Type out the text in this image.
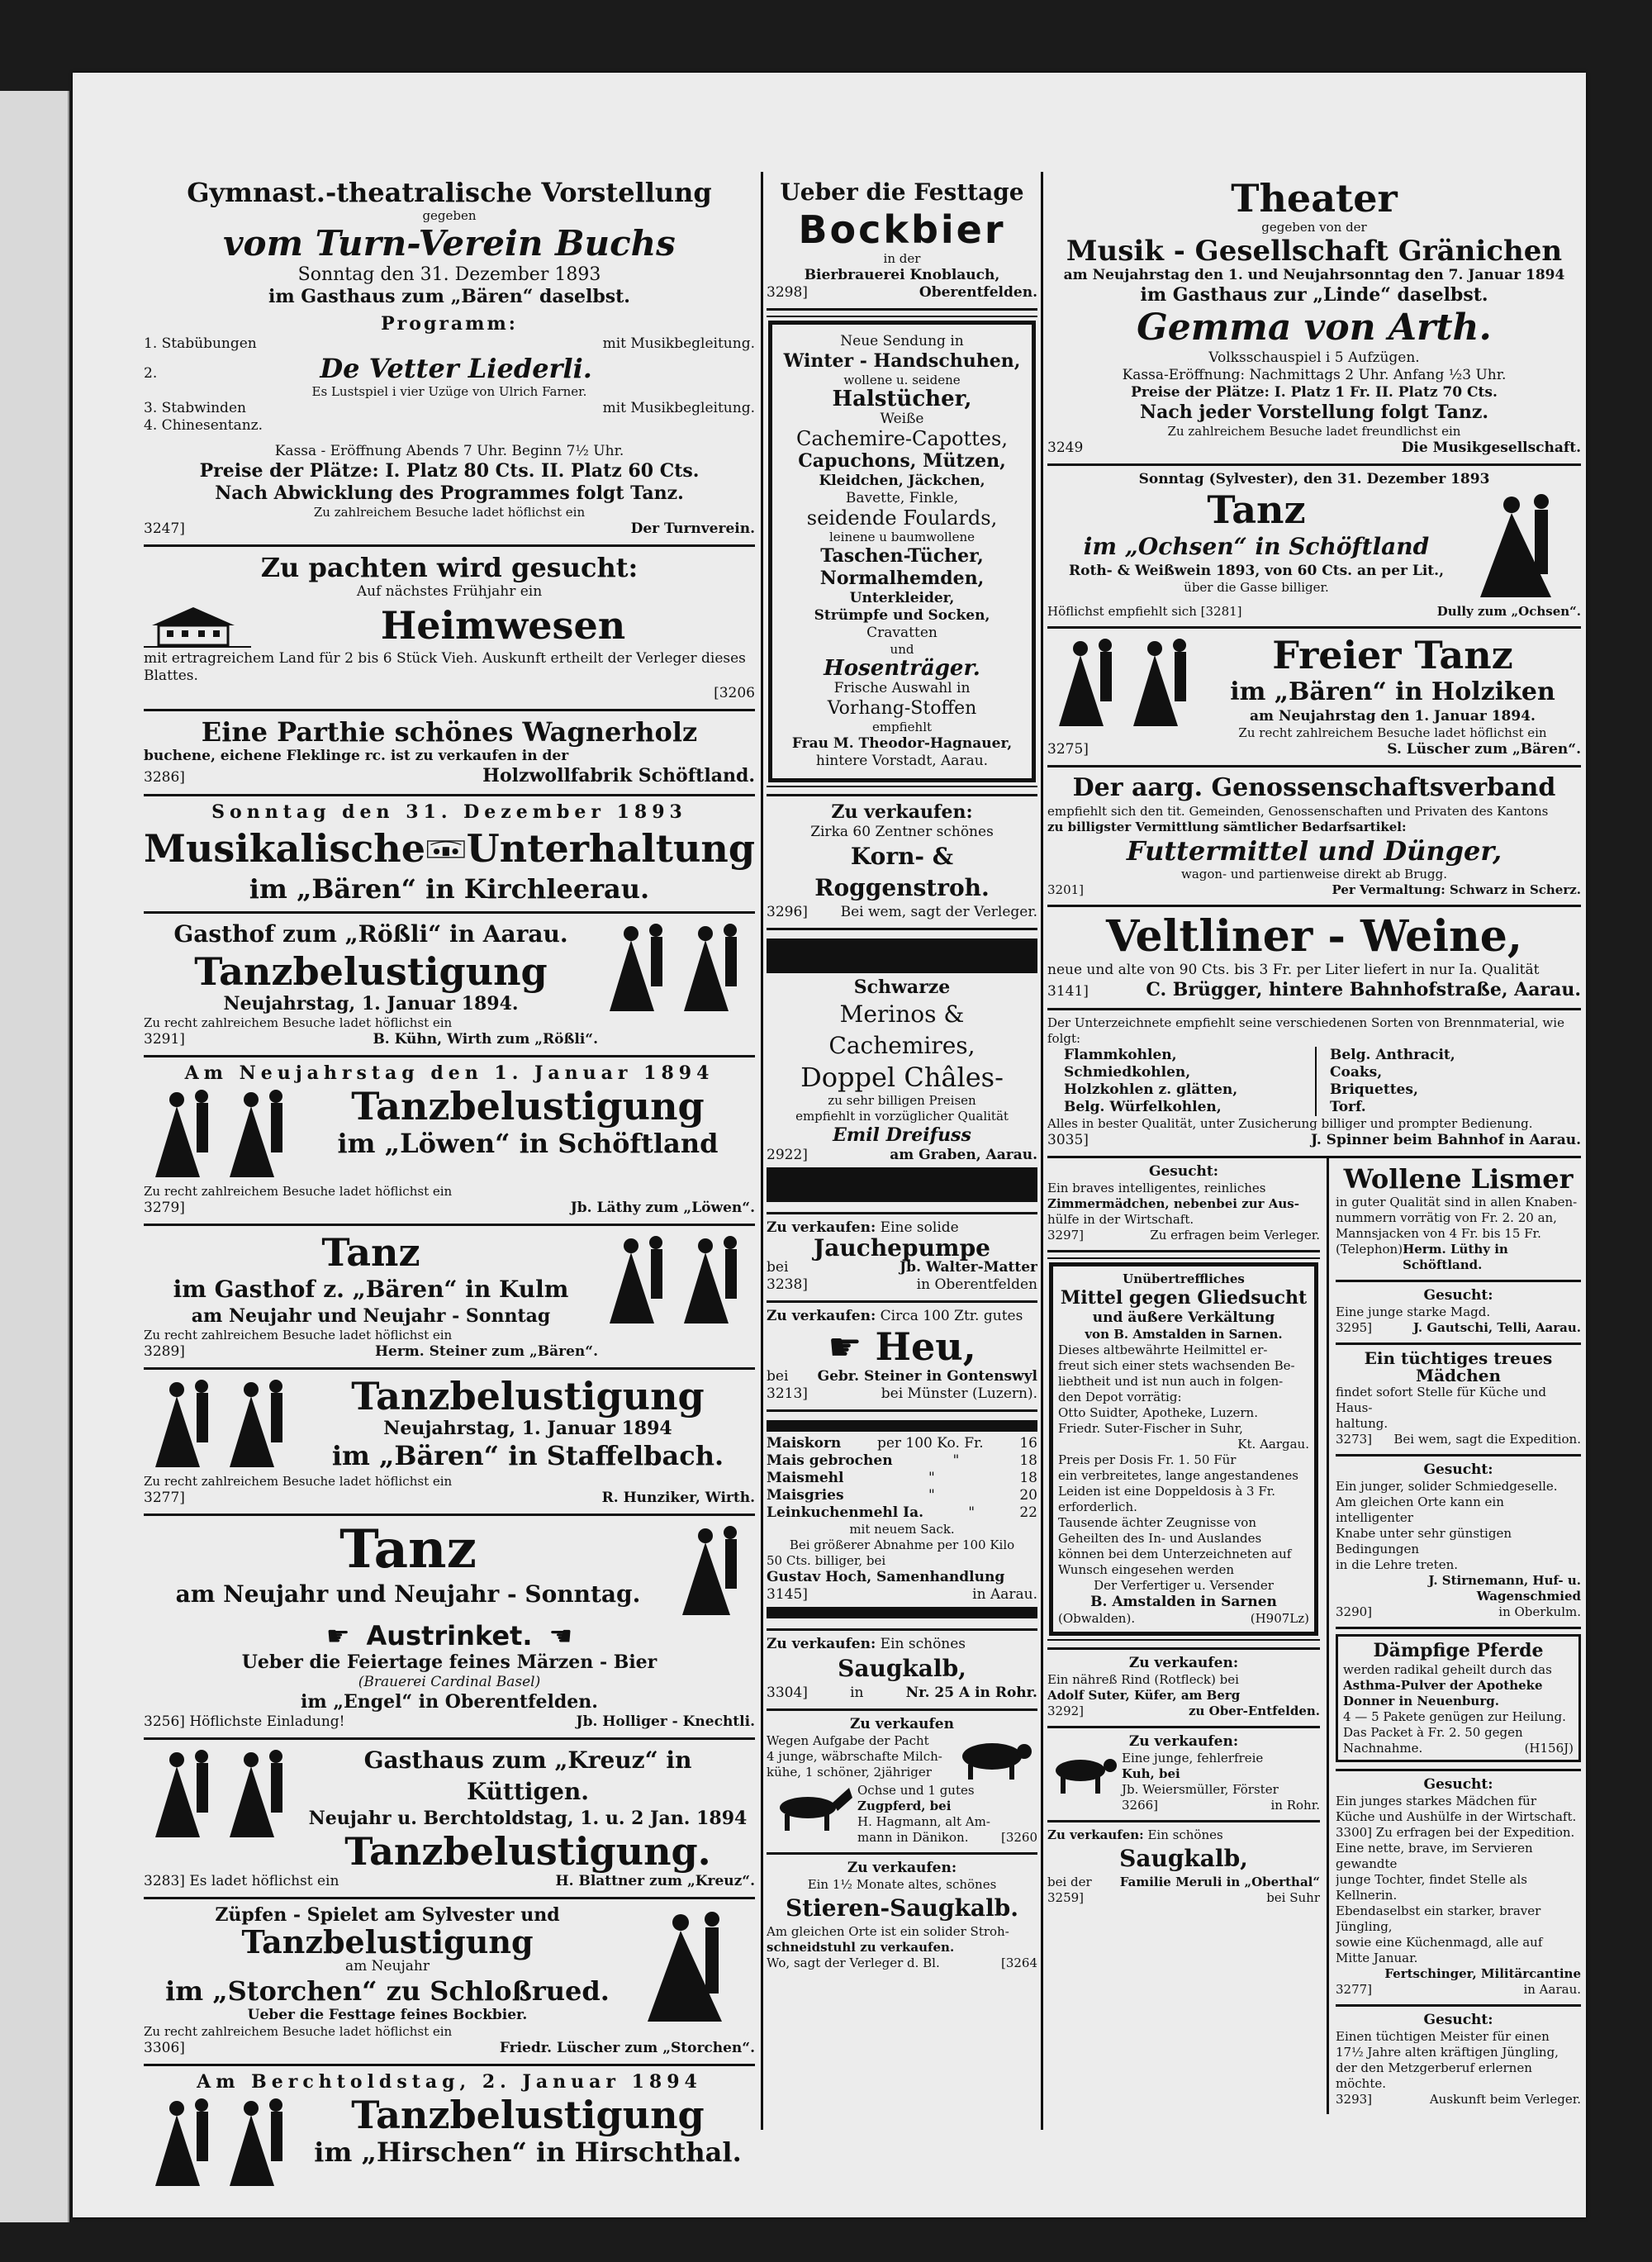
Gymnast.-theatralische Vorstellung
gegeben
vom Turn-Verein Buchs
Sonntag den 31. Dezember 1893
im Gasthaus zum „Bären“ daselbst.
Programm:
1. Stabübungen	mit Musikbegleitung.
2.	De Vetter Liederli.
Es Lustspiel i vier Uzüge von Ulrich Farner.
3. Stabwinden	mit Musikbegleitung.
4. Chinesentanz.
Kassa - Eröffnung Abends 7 Uhr. Beginn 7½ Uhr.
Preise der Plätze: I. Platz 80 Cts. II. Platz 60 Cts.
Nach Abwicklung des Programmes folgt Tanz.
Zu zahlreichem Besuche ladet höflichst ein
3247]	Der Turnverein.
Zu pachten wird gesucht:
Auf nächstes Frühjahr ein
Heimwesen
mit ertragreichem Land für 2 bis 6 Stück Vieh. Auskunft ertheilt der Verleger dieses Blattes.
[3206
Eine Parthie schönes Wagnerholz
buchene, eichene Fleklinge rc. ist zu verkaufen in der
3286]	Holzwollfabrik Schöftland.
Sonntag den 31. Dezember 1893
Musikalische Unterhaltung
im „Bären“ in Kirchleerau.
Gasthof zum „Rößli“ in Aarau.
Tanzbelustigung
Neujahrstag, 1. Januar 1894.
Zu recht zahlreichem Besuche ladet höflichst ein
3291]	B. Kühn, Wirth zum „Rößli“.
Am Neujahrstag den 1. Januar 1894
Tanzbelustigung
im „Löwen“ in Schöftland
Zu recht zahlreichem Besuche ladet höflichst ein
3279]	Jb. Läthy zum „Löwen“.
Tanz
im Gasthof z. „Bären“ in Kulm
am Neujahr und Neujahr - Sonntag
Zu recht zahlreichem Besuche ladet höflichst ein
3289]	Herm. Steiner zum „Bären“.
Tanzbelustigung
Neujahrstag, 1. Januar 1894
im „Bären“ in Staffelbach.
Zu recht zahlreichem Besuche ladet höflichst ein
3277]	R. Hunziker, Wirth.
Tanz
am Neujahr und Neujahr - Sonntag.
☛ Austrinket. ☚
Ueber die Feiertage feines Märzen - Bier
(Brauerei Cardinal Basel)
im „Engel“ in Oberentfelden.
3256] Höflichste Einladung!	Jb. Holliger - Knechtli.
Gasthaus zum „Kreuz“ in Küttigen.
Neujahr u. Berchtoldstag, 1. u. 2 Jan. 1894
Tanzbelustigung.
3283] Es ladet höflichst ein	H. Blattner zum „Kreuz“.
Züpfen - Spielet am Sylvester und
Tanzbelustigung
am Neujahr
im „Storchen“ zu Schloßrued.
Ueber die Festtage feines Bockbier.
Zu recht zahlreichem Besuche ladet höflichst ein
3306]	Friedr. Lüscher zum „Storchen“.
Am Berchtoldstag, 2. Januar 1894
Tanzbelustigung
im „Hirschen“ in Hirschthal.
Ueber die Festtage
Bockbier
in der
Bierbrauerei Knoblauch,
3298]	Oberentfelden.
Neue Sendung in
Winter - Handschuhen,
wollene u. seidene
Halstücher,
Weiße
Cachemire-Capottes,
Capuchons, Mützen,
Kleidchen, Jäckchen,
Bavette, Finkle,
seidende Foulards,
leinene u baumwollene
Taschen-Tücher,
Normalhemden,
Unterkleider,
Strümpfe und Socken,
Cravatten
und
Hosenträger.
Frische Auswahl in
Vorhang-Stoffen
empfiehlt
Frau M. Theodor-Hagnauer,
hintere Vorstadt, Aarau.
Zu verkaufen:
Zirka 60 Zentner schönes
Korn- & Roggenstroh.
3296] Bei wem, sagt der Verleger.
Schwarze
Merinos & Cachemires,
Doppel Châles-
zu sehr billigen Preisen
empfiehlt in vorzüglicher Qualität
Emil Dreifuss
2922]	am Graben, Aarau.
Zu verkaufen: Eine solide
Jauchepumpe
bei	Jb. Walter-Matter
3238]	in Oberentfelden
Zu verkaufen: Circa 100 Ztr. gutes
☛ Heu,
bei Gebr. Steiner in Gontenswyl
3213]	bei Münster (Luzern).
Maiskorn	per 100 Ko. Fr.	16
Mais gebrochen	"	18
Maismehl	"	18
Maisgries	"	20
Leinkuchenmehl Ia.	"	22
mit neuem Sack.
Bei größerer Abnahme per 100 Kilo
50 Cts. billiger, bei
Gustav Hoch, Samenhandlung
3145]	in Aarau.
Zu verkaufen: Ein schönes
Saugkalb,
3304]	in	Nr. 25 A in Rohr.
Zu verkaufen
Wegen Aufgabe der Pacht
4 junge, wäbrschafte Milch-
kühe, 1 schöner, 2jähriger
Ochse und 1 gutes
Zugpferd, bei
H. Hagmann, alt Am-
mann in Dänikon.	[3260
Zu verkaufen:
Ein 1½ Monate altes, schönes
Stieren-Saugkalb.
Am gleichen Orte ist ein solider Stroh-
schneidstuhl zu verkaufen.
Wo, sagt der Verleger d. Bl.	[3264
Theater
gegeben von der
Musik - Gesellschaft Gränichen
am Neujahrstag den 1. und Neujahrsonntag den 7. Januar 1894
im Gasthaus zur „Linde“ daselbst.
Gemma von Arth.
Volksschauspiel i 5 Aufzügen.
Kassa-Eröffnung: Nachmittags 2 Uhr. Anfang ½3 Uhr.
Preise der Plätze: I. Platz 1 Fr. II. Platz 70 Cts.
Nach jeder Vorstellung folgt Tanz.
Zu zahlreichem Besuche ladet freundlichst ein
3249	Die Musikgesellschaft.
Sonntag (Sylvester), den 31. Dezember 1893
Tanz
im „Ochsen“ in Schöftland
Roth- & Weißwein 1893, von 60 Cts. an per Lit.,
über die Gasse billiger.
Höflichst empfiehlt sich [3281]	Dully zum „Ochsen“.
Freier Tanz
im „Bären“ in Holziken
am Neujahrstag den 1. Januar 1894.
Zu recht zahlreichem Besuche ladet höflichst ein
3275]	S. Lüscher zum „Bären“.
Der aarg. Genossenschaftsverband
empfiehlt sich den tit. Gemeinden, Genossenschaften und Privaten des Kantons
zu billigster Vermittlung sämtlicher Bedarfsartikel:
Futtermittel und Dünger,
wagon- und partienweise direkt ab Brugg.
3201]	Per Vermaltung: Schwarz in Scherz.
Veltliner - Weine,
neue und alte von 90 Cts. bis 3 Fr. per Liter liefert in nur Ia. Qualität
3141]	C. Brügger, hintere Bahnhofstraße, Aarau.
Der Unterzeichnete empfiehlt seine verschiedenen Sorten von Brennmaterial, wie folgt:
Flammkohlen,
Schmiedkohlen,
Holzkohlen z. glätten,
Belg. Würfelkohlen,
Belg. Anthracit,
Coaks,
Briquettes,
Torf.
Alles in bester Qualität, unter Zusicherung billiger und prompter Bedienung.
3035]	J. Spinner beim Bahnhof in Aarau.
Gesucht:
Ein braves intelligentes, reinliches
Zimmermädchen, nebenbei zur Aus-
hülfe in der Wirtschaft.
3297]	Zu erfragen beim Verleger.
Unübertreffliches
Mittel gegen Gliedsucht
und äußere Verkältung
von B. Amstalden in Sarnen.
Dieses altbewährte Heilmittel er-
freut sich einer stets wachsenden Be-
liebtheit und ist nun auch in folgen-
den Depot vorrätig:
Otto Suidter, Apotheke, Luzern.
Friedr. Suter-Fischer in Suhr,
Kt. Aargau.
Preis per Dosis Fr. 1. 50 Für
ein verbreitetes, lange angestandenes
Leiden ist eine Doppeldosis à 3 Fr.
erforderlich.
Tausende ächter Zeugnisse von
Geheilten des In- und Auslandes
können bei dem Unterzeichneten auf
Wunsch eingesehen werden
Der Verfertiger u. Versender
B. Amstalden in Sarnen
(Obwalden).	(H907Lz)
Zu verkaufen:
Ein nähreß Rind (Rotfleck) bei
Adolf Suter, Küfer, am Berg
3292]	zu Ober-Entfelden.
Zu verkaufen:
Eine junge, fehlerfreie
Kuh, bei
Jb. Weiersmüller, Förster
3266]	in Rohr.
Zu verkaufen: Ein schönes
Saugkalb,
bei der Familie Meruli in „Oberthal“
3259]	bei Suhr
Wollene Lismer
in guter Qualität sind in allen Knaben-
nummern vorrätig von Fr. 2. 20 an,
Mannsjacken von 4 Fr. bis 15 Fr.
(Telephon) Herm. Lüthy in Schöftland.
Gesucht:
Eine junge starke Magd.
3295]	J. Gautschi, Telli, Aarau.
Ein tüchtiges treues Mädchen
findet sofort Stelle für Küche und Haus-
haltung.
3273] Bei wem, sagt die Expedition.
Gesucht:
Ein junger, solider Schmiedgeselle.
Am gleichen Orte kann ein intelligenter
Knabe unter sehr günstigen Bedingungen
in die Lehre treten.
J. Stirnemann, Huf- u. Wagenschmied
3290]	in Oberkulm.
Dämpfige Pferde
werden radikal geheilt durch das
Asthma-Pulver der Apotheke
Donner in Neuenburg.
4 — 5 Pakete genügen zur Heilung.
Das Packet à Fr. 2. 50 gegen
Nachnahme.	(H156J)
Gesucht:
Ein junges starkes Mädchen für
Küche und Aushülfe in der Wirtschaft.
3300] Zu erfragen bei der Expedition.
Eine nette, brave, im Servieren gewandte
junge Tochter, findet Stelle als Kellnerin.
Ebendaselbst ein starker, braver Jüngling,
sowie eine Küchenmagd, alle auf
Mitte Januar.
Fertschinger, Militärcantine
3277]	in Aarau.
Gesucht:
Einen tüchtigen Meister für einen
17½ Jahre alten kräftigen Jüngling,
der den Metzgerberuf erlernen möchte.
3293]	Auskunft beim Verleger.
